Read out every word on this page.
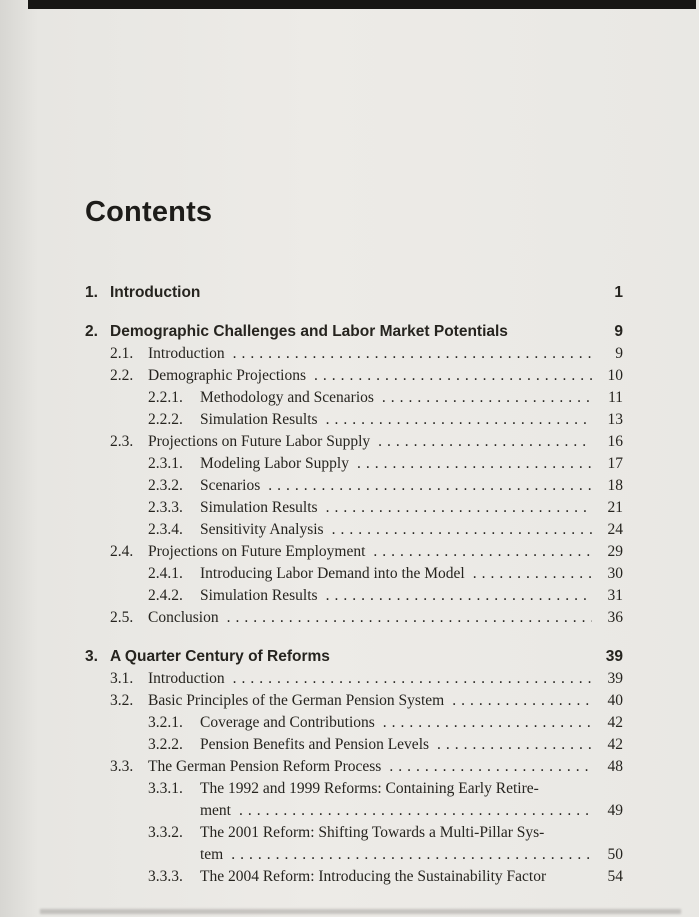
Contents
1. Introduction	1
2. Demographic Challenges and Labor Market Potentials	9
2.1. Introduction .....	9
2.2. Demographic Projections .....	10
2.2.1.	Methodology and Scenarios .....	11
2.2.2.	Simulation Results .....	13
2.3. Projections on Future Labor Supply .....	16
2.3.1.	Modeling Labor Supply .....	17
2.3.2.	Scenarios .....	18
2.3.3.	Simulation Results .....	21
2.3.4.	Sensitivity Analysis .....	24
2.4. Projections on Future Employment .....	29
2.4.1.	Introducing Labor Demand into the Model .....	30
2.4.2.	Simulation Results .....	31
2.5. Conclusion .....	36
3. A Quarter Century of Reforms	39
3.1. Introduction .....	39
3.2. Basic Principles of the German Pension System .....	40
3.2.1.	Coverage and Contributions .....	42
3.2.2.	Pension Benefits and Pension Levels .....	42
3.3. The German Pension Reform Process .....	48
3.3.1.	The 1992 and 1999 Reforms: Containing Early Retire-
ment .....	49
3.3.2.	The 2001 Reform: Shifting Towards a Multi-Pillar Sys-
tem .....	50
3.3.3.	The 2004 Reform: Introducing the Sustainability Factor	54
